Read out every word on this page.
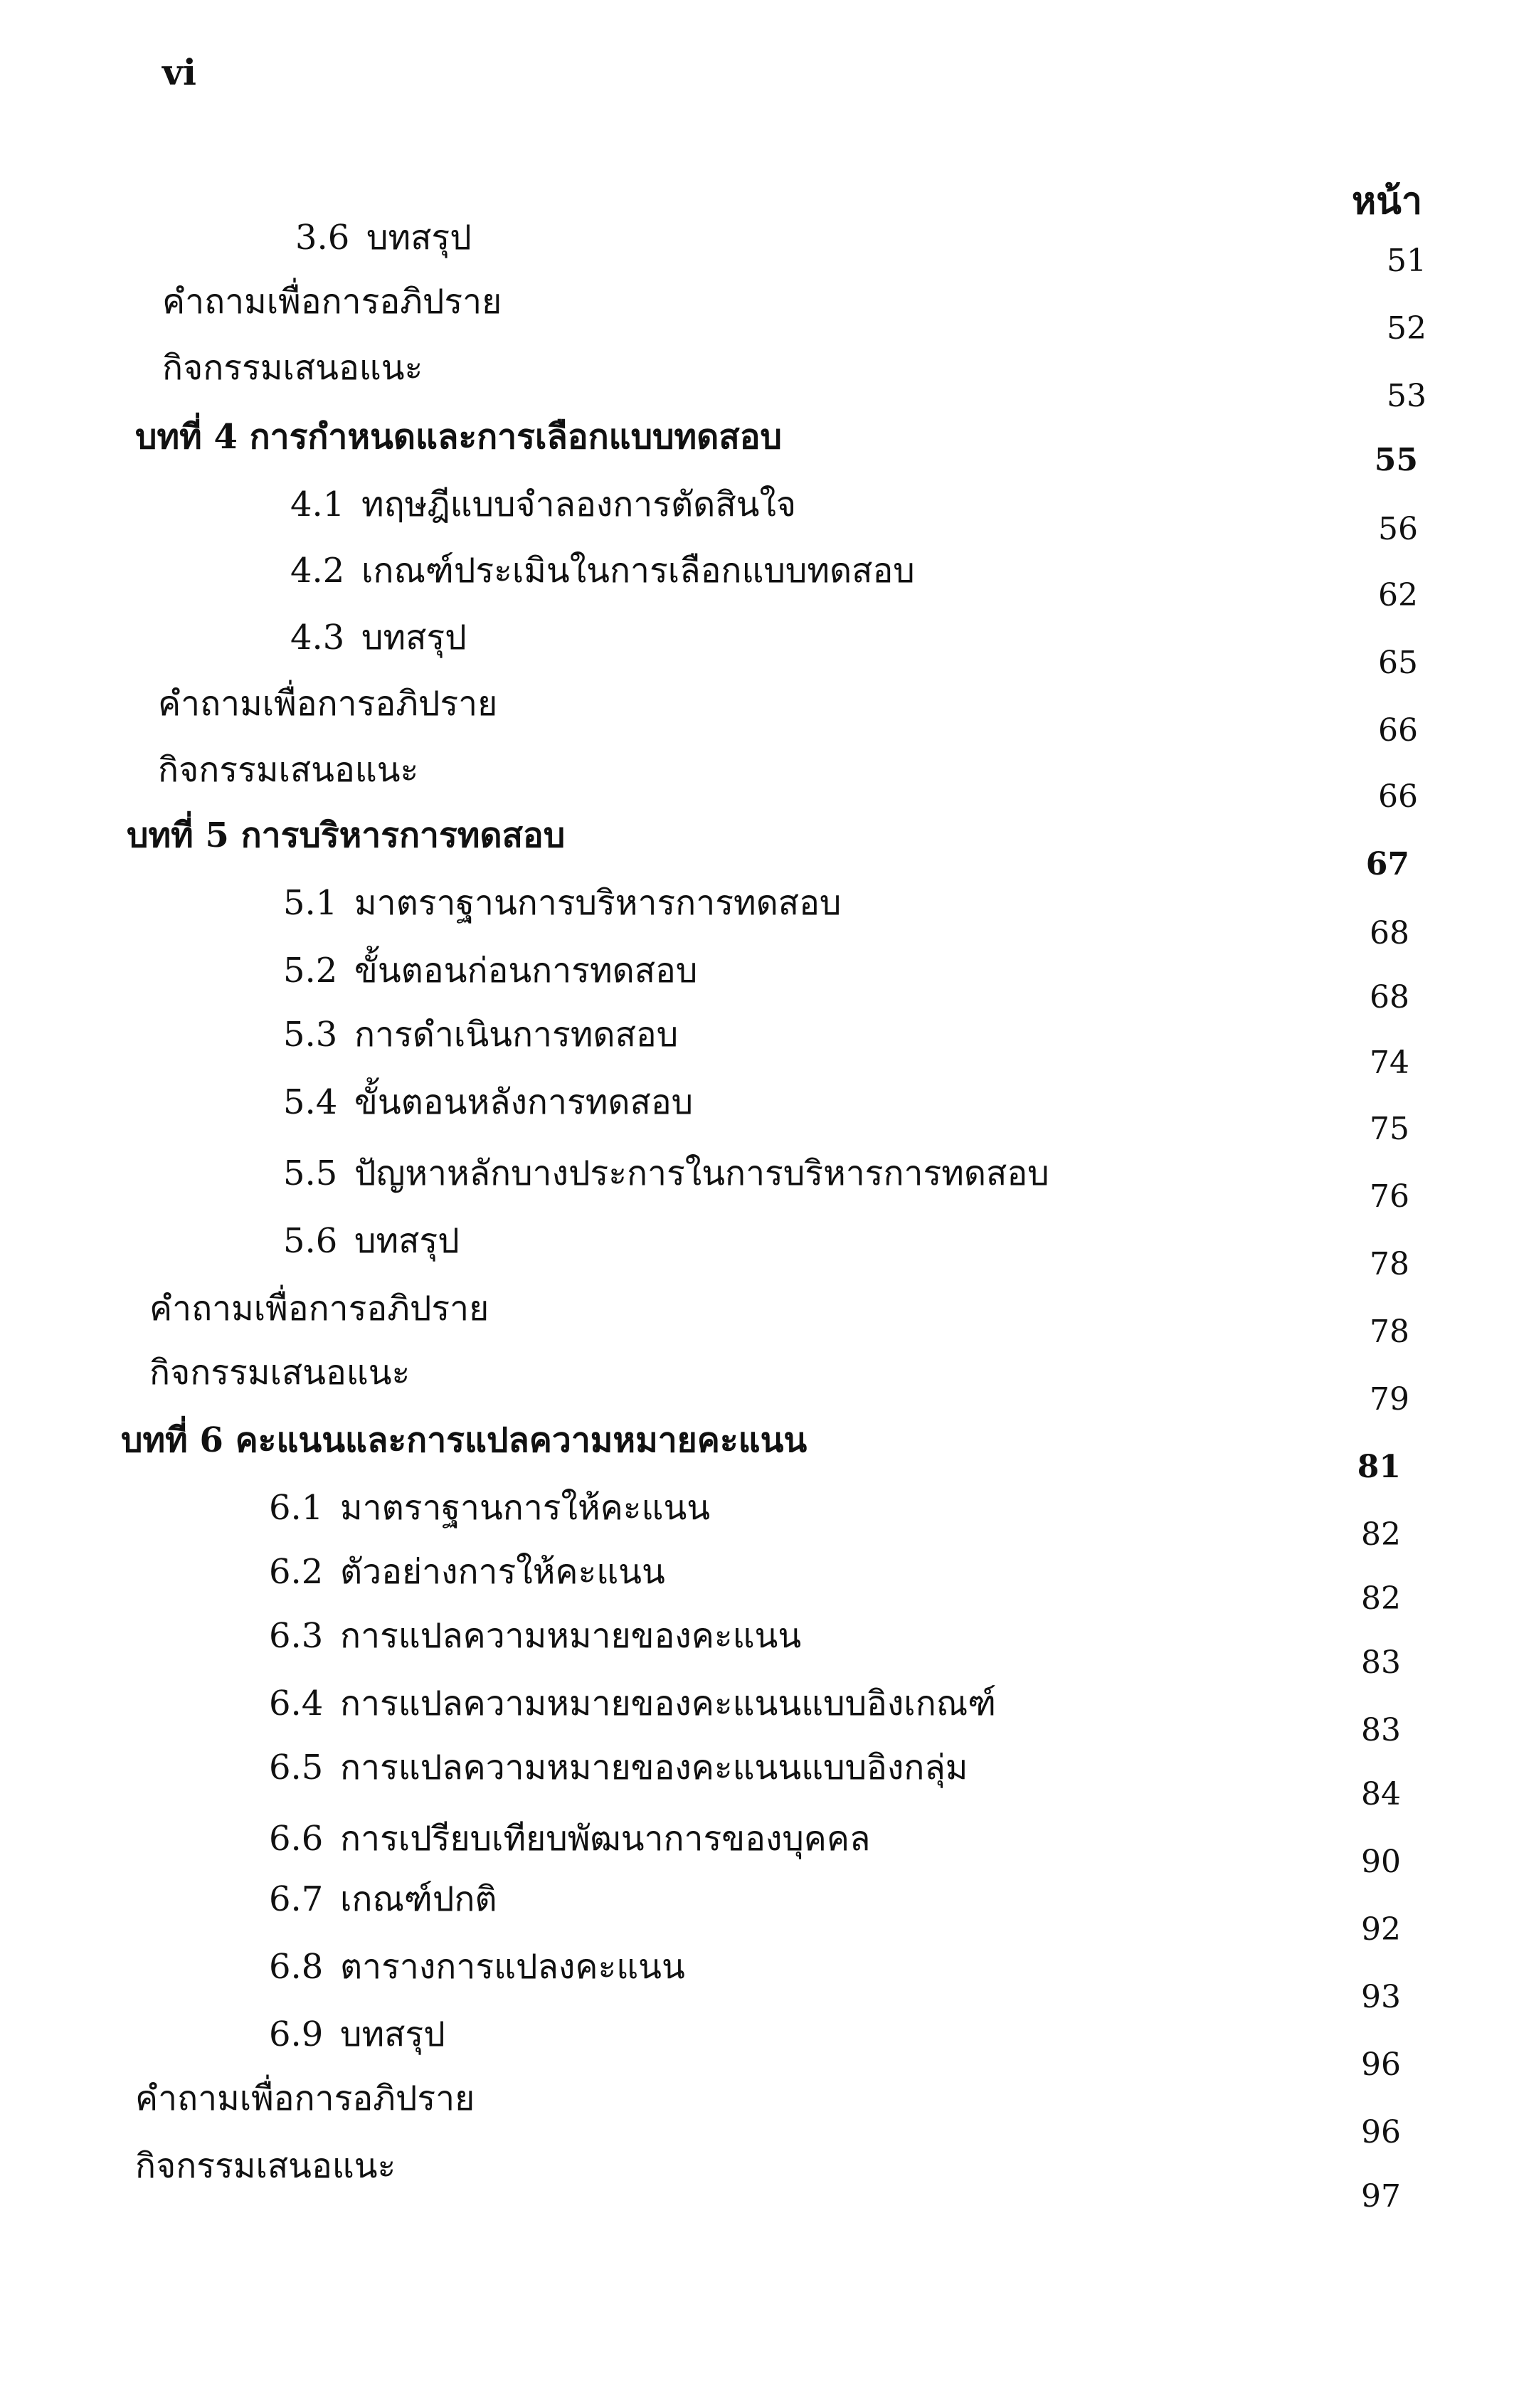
vi
หน้า
3.6 บทสรุป
51
คำถามเพื่อการอภิปราย
52
กิจกรรมเสนอแนะ
53
บทที่ 4 การกำหนดและการเลือกแบบทดสอบ
55
4.1 ทฤษฎีแบบจำลองการตัดสินใจ
56
4.2 เกณฑ์ประเมินในการเลือกแบบทดสอบ
62
4.3 บทสรุป
65
คำถามเพื่อการอภิปราย
66
กิจกรรมเสนอแนะ
66
บทที่ 5 การบริหารการทดสอบ
67
5.1 มาตราฐานการบริหารการทดสอบ
68
5.2 ขั้นตอนก่อนการทดสอบ
68
5.3 การดำเนินการทดสอบ
74
5.4 ขั้นตอนหลังการทดสอบ
75
5.5 ปัญหาหลักบางประการในการบริหารการทดสอบ
76
5.6 บทสรุป
78
คำถามเพื่อการอภิปราย
78
กิจกรรมเสนอแนะ
79
บทที่ 6 คะแนนและการแปลความหมายคะแนน
81
6.1 มาตราฐานการให้คะแนน
82
6.2 ตัวอย่างการให้คะแนน
82
6.3 การแปลความหมายของคะแนน
83
6.4 การแปลความหมายของคะแนนแบบอิงเกณฑ์
83
6.5 การแปลความหมายของคะแนนแบบอิงกลุ่ม
84
6.6 การเปรียบเทียบพัฒนาการของบุคคล
90
6.7 เกณฑ์ปกติ
92
6.8 ตารางการแปลงคะแนน
93
6.9 บทสรุป
96
คำถามเพื่อการอภิปราย
96
กิจกรรมเสนอแนะ
97
